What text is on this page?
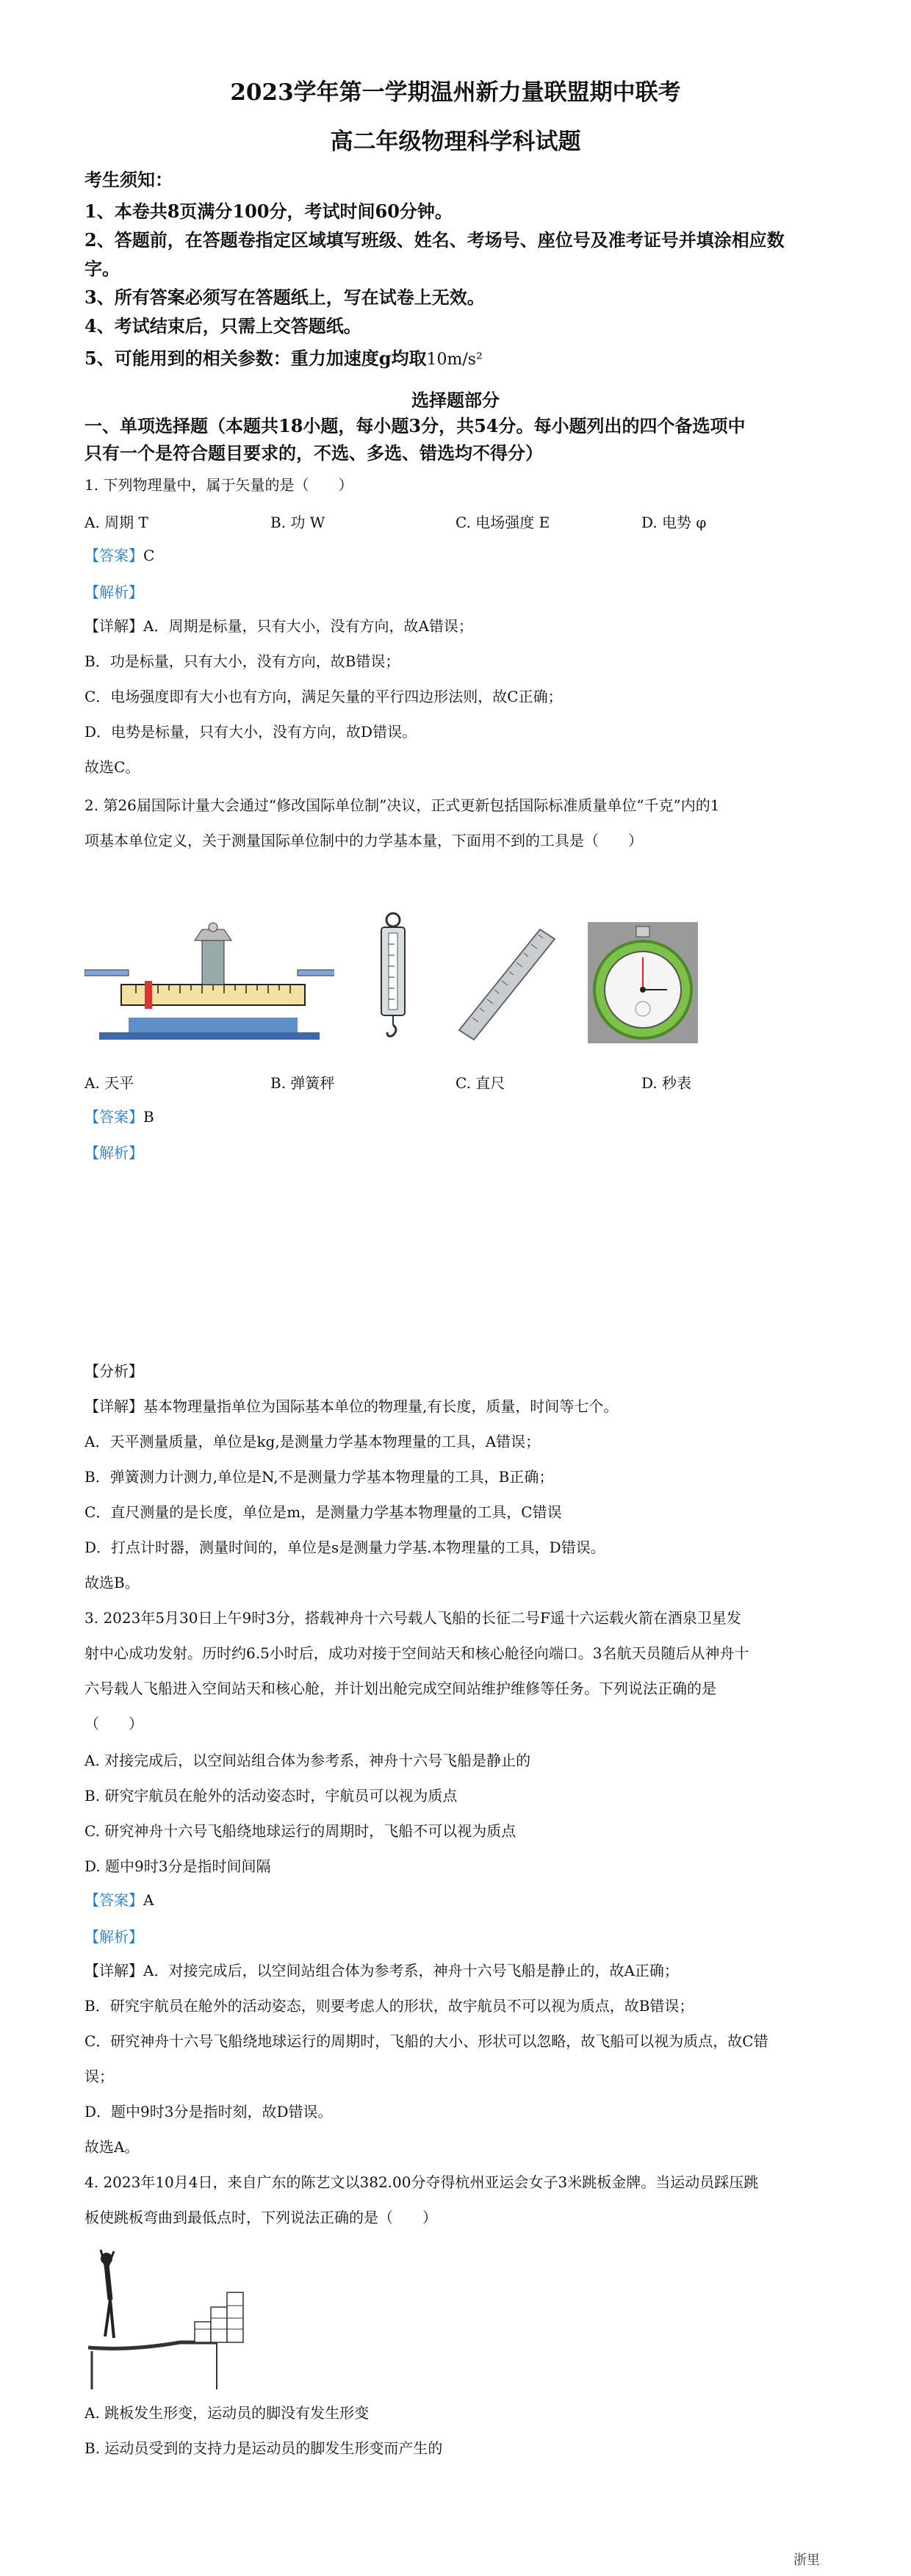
2023学年第一学期温州新力量联盟期中联考
高二年级物理科学科试题
考生须知：
1、本卷共8页满分100分，考试时间60分钟。
2、答题前，在答题卷指定区域填写班级、姓名、考场号、座位号及准考证号并填涂相应数
字。
3、所有答案必须写在答题纸上，写在试卷上无效。
4、考试结束后，只需上交答题纸。
5、可能用到的相关参数：重力加速度g均取10m/s²
选择题部分
一、单项选择题（本题共18小题，每小题3分，共54分。每小题列出的四个备选项中
只有一个是符合题目要求的，不选、多选、错选均不得分）
1. 下列物理量中，属于矢量的是（　　）
A. 周期 T	B. 功 W	C. 电场强度 E	D. 电势 φ
【答案】C
【解析】
【详解】A．周期是标量，只有大小，没有方向，故A错误；
B．功是标量，只有大小，没有方向，故B错误；
C．电场强度即有大小也有方向，满足矢量的平行四边形法则，故C正确；
D．电势是标量，只有大小，没有方向，故D错误。
故选C。
2. 第26届国际计量大会通过“修改国际单位制”决议，正式更新包括国际标准质量单位“千克”内的1
项基本单位定义，关于测量国际单位制中的力学基本量，下面用不到的工具是（　　）
A. 天平	B. 弹簧秤	C. 直尺	D. 秒表
【答案】B
【解析】
【分析】
【详解】基本物理量指单位为国际基本单位的物理量,有长度，质量，时间等七个。
A．天平测量质量，单位是kg,是测量力学基本物理量的工具，A错误；
B．弹簧测力计测力,单位是N,不是测量力学基本物理量的工具，B正确；
C．直尺测量的是长度，单位是m，是测量力学基本物理量的工具，C错误
D．打点计时器，测量时间的，单位是s是测量力学基.本物理量的工具，D错误。
故选B。
3. 2023年5月30日上午9时3分，搭载神舟十六号载人飞船的长征二号F遥十六运载火箭在酒泉卫星发
射中心成功发射。历时约6.5小时后，成功对接于空间站天和核心舱径向端口。3名航天员随后从神舟十
六号载人飞船进入空间站天和核心舱，并计划出舱完成空间站维护维修等任务。下列说法正确的是
（　　）
A. 对接完成后，以空间站组合体为参考系，神舟十六号飞船是静止的
B. 研究宇航员在舱外的活动姿态时，宇航员可以视为质点
C. 研究神舟十六号飞船绕地球运行的周期时，飞船不可以视为质点
D. 题中9时3分是指时间间隔
【答案】A
【解析】
【详解】A．对接完成后，以空间站组合体为参考系，神舟十六号飞船是静止的，故A正确；
B．研究宇航员在舱外的活动姿态，则要考虑人的形状，故宇航员不可以视为质点，故B错误；
C．研究神舟十六号飞船绕地球运行的周期时，飞船的大小、形状可以忽略，故飞船可以视为质点，故C错
误；
D．题中9时3分是指时刻，故D错误。
故选A。
4. 2023年10月4日，来自广东的陈艺文以382.00分夺得杭州亚运会女子3米跳板金牌。当运动员踩压跳
板使跳板弯曲到最低点时，下列说法正确的是（　　）
A. 跳板发生形变，运动员的脚没有发生形变
B. 运动员受到的支持力是运动员的脚发生形变而产生的
浙里
